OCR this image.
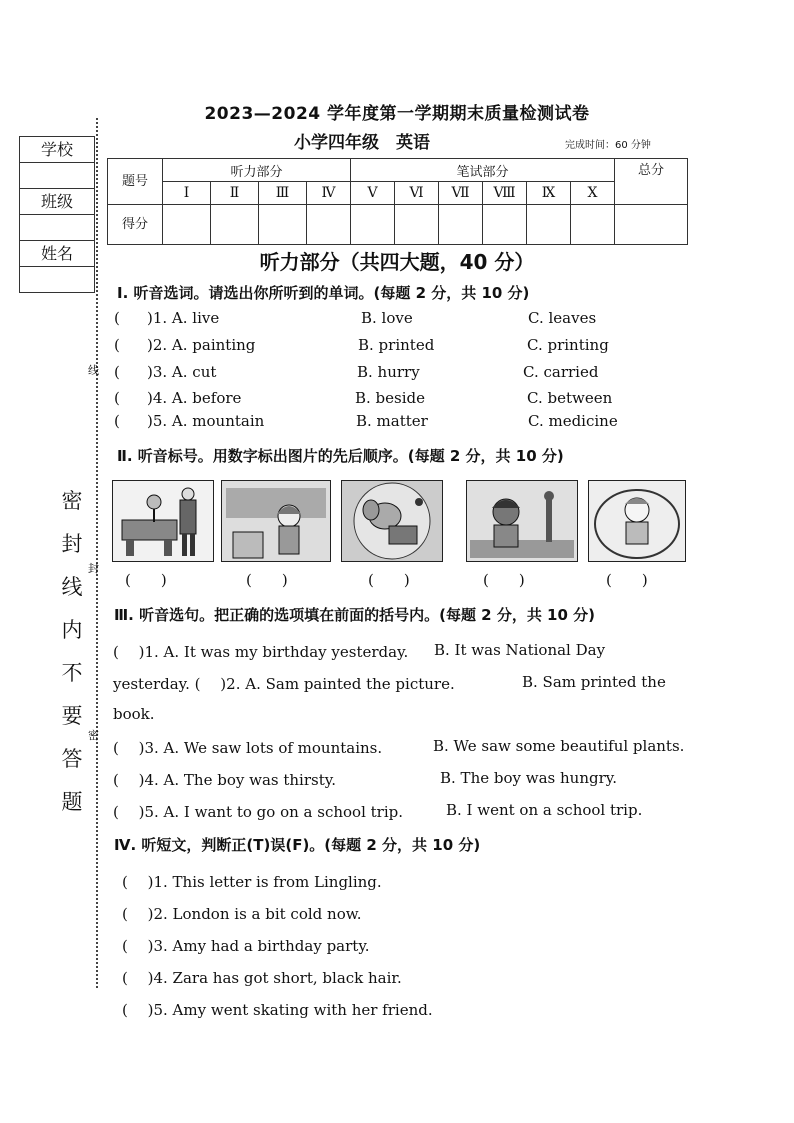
学校
班级
姓名
线
封
密
密
封
线
内
不
要
答
题
2023—2024 学年度第一学期期末质量检测试卷
小学四年级　英语	完成时间：60 分钟
题号	听力部分				笔试部分						总分
	Ⅰ	Ⅱ	Ⅲ	Ⅳ	Ⅴ	Ⅵ	Ⅶ	Ⅷ	Ⅸ	Ⅹ	
得分											
听力部分（共四大题，40 分）
Ⅰ. 听音选词。请选出你所听到的单词。(每题 2 分，共 10 分)
( )1. A. live	B. love	C. leaves
( )2. A. painting	B. printed	C. printing
( )3. A. cut	B. hurry	C. carried
( )4. A. before	B. beside	C. between
( )5. A. mountain	B. matter	C. medicine
Ⅱ. 听音标号。用数字标出图片的先后顺序。(每题 2 分，共 10 分)
(　　)	(　　)	(　　)	(　　)	(　　)
Ⅲ. 听音选句。把正确的选项填在前面的括号内。(每题 2 分，共 10 分)
(　 )1. A. It was my birthday yesterday. B. It was National Day
yesterday. (　 )2. A. Sam painted the picture.	B. Sam printed the
book.
(　 )3. A. We saw lots of mountains.	B. We saw some beautiful plants.
(　 )4. A. The boy was thirsty.	B. The boy was hungry.
(　 )5. A. I want to go on a school trip.	B. I went on a school trip.
Ⅳ. 听短文，判断正(T)误(F)。(每题 2 分，共 10 分)
(　 )1. This letter is from Lingling.
(　 )2. London is a bit cold now.
(　 )3. Amy had a birthday party.
(　 )4. Zara has got short, black hair.
(　 )5. Amy went skating with her friend.
